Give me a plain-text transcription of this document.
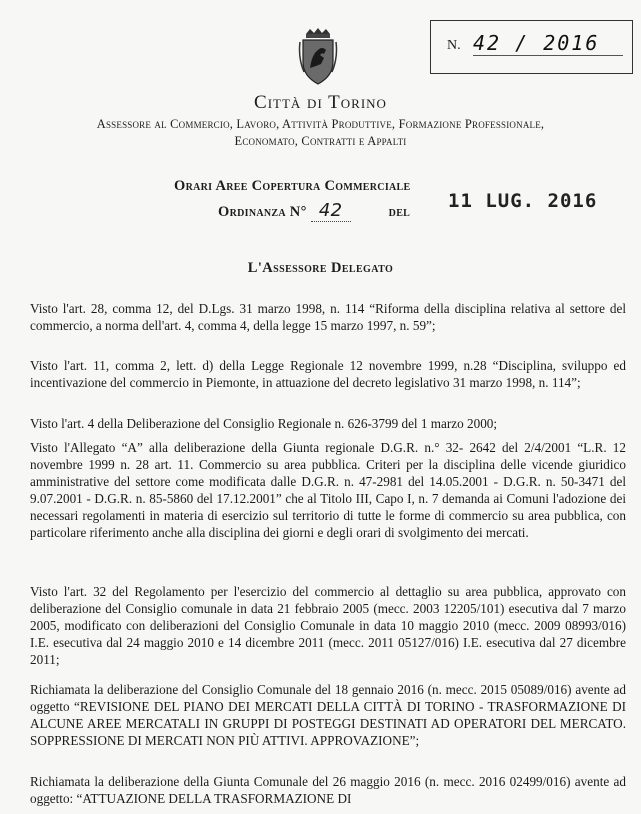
N. 42 / 2016
Città di Torino
Assessore al Commercio, Lavoro, Attività Produttive, Formazione Professionale,
Economato, Contratti e Appalti
Orari Aree Copertura Commerciale
Ordinanza N° 42	del 11 LUG. 2016
L'Assessore Delegato
Visto l'art. 28, comma 12, del D.Lgs. 31 marzo 1998, n. 114 “Riforma della disciplina relativa al settore del commercio, a norma dell'art. 4, comma 4, della legge 15 marzo 1997, n. 59”;
Visto l'art. 11, comma 2, lett. d) della Legge Regionale 12 novembre 1999, n.28 “Disciplina, sviluppo ed incentivazione del commercio in Piemonte, in attuazione del decreto legislativo 31 marzo 1998, n. 114”;
Visto l'art. 4 della Deliberazione del Consiglio Regionale n. 626-3799 del 1 marzo 2000;
Visto l'Allegato “A” alla deliberazione della Giunta regionale D.G.R. n.° 32- 2642 del 2/4/2001 “L.R. 12 novembre 1999 n. 28 art. 11. Commercio su area pubblica. Criteri per la disciplina delle vicende giuridico amministrative del settore come modificata dalle D.G.R. n. 47-2981 del 14.05.2001 - D.G.R. n. 50-3471 del 9.07.2001 - D.G.R. n. 85-5860 del 17.12.2001” che al Titolo III, Capo I, n. 7 demanda ai Comuni l'adozione dei necessari regolamenti in materia di esercizio sul territorio di tutte le forme di commercio su area pubblica, con particolare riferimento anche alla disciplina dei giorni e degli orari di svolgimento dei mercati.
Visto l'art. 32 del Regolamento per l'esercizio del commercio al dettaglio su area pubblica, approvato con deliberazione del Consiglio comunale in data 21 febbraio 2005 (mecc. 2003 12205/101) esecutiva dal 7 marzo 2005, modificato con deliberazioni del Consiglio Comunale in data 10 maggio 2010 (mecc. 2009 08993/016) I.E. esecutiva dal 24 maggio 2010 e 14 dicembre 2011 (mecc. 2011 05127/016) I.E. esecutiva dal 27 dicembre 2011;
Richiamata la deliberazione del Consiglio Comunale del 18 gennaio 2016 (n. mecc. 2015 05089/016) avente ad oggetto “REVISIONE DEL PIANO DEI MERCATI DELLA CITTÀ DI TORINO - TRASFORMAZIONE DI ALCUNE AREE MERCATALI IN GRUPPI DI POSTEGGI DESTINATI AD OPERATORI DEL MERCATO. SOPPRESSIONE DI MERCATI NON PIÙ ATTIVI. APPROVAZIONE”;
Richiamata la deliberazione della Giunta Comunale del 26 maggio 2016 (n. mecc. 2016 02499/016) avente ad oggetto: “ATTUAZIONE DELLA TRASFORMAZIONE DI
